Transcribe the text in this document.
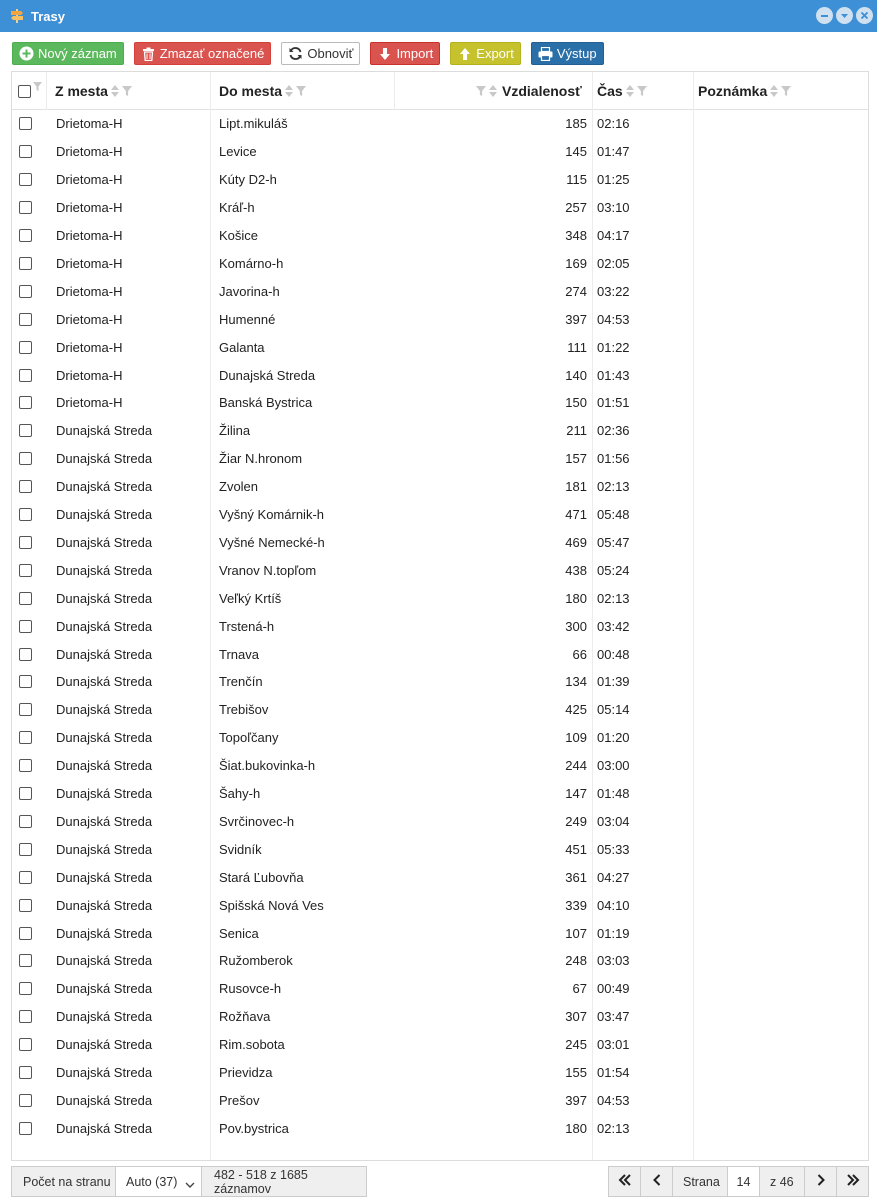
Trasy
Nový záznam	Zmazať označené	Obnoviť	Import	Export	Výstup
Z mesta	Do mesta	Vzdialenosť Čas	Poznámka
Drietoma-H	Lipt.mikuláš	185 02:16
Drietoma-H	Levice	145 01:47
Drietoma-H	Kúty D2-h	115 01:25
Drietoma-H	Kráľ-h	257 03:10
Drietoma-H	Košice	348 04:17
Drietoma-H	Komárno-h	169 02:05
Drietoma-H	Javorina-h	274 03:22
Drietoma-H	Humenné	397 04:53
Drietoma-H	Galanta	111 01:22
Drietoma-H	Dunajská Streda	140 01:43
Drietoma-H	Banská Bystrica	150 01:51
Dunajská Streda	Žilina	211 02:36
Dunajská Streda	Žiar N.hronom	157 01:56
Dunajská Streda	Zvolen	181 02:13
Dunajská Streda	Vyšný Komárnik-h	471 05:48
Dunajská Streda	Vyšné Nemecké-h	469 05:47
Dunajská Streda	Vranov N.topľom	438 05:24
Dunajská Streda	Veľký Krtíš	180 02:13
Dunajská Streda	Trstená-h	300 03:42
Dunajská Streda	Trnava	66 00:48
Dunajská Streda	Trenčín	134 01:39
Dunajská Streda	Trebišov	425 05:14
Dunajská Streda	Topoľčany	109 01:20
Dunajská Streda	Šiat.bukovinka-h	244 03:00
Dunajská Streda	Šahy-h	147 01:48
Dunajská Streda	Svrčinovec-h	249 03:04
Dunajská Streda	Svidník	451 05:33
Dunajská Streda	Stará Ľubovňa	361 04:27
Dunajská Streda	Spišská Nová Ves	339 04:10
Dunajská Streda	Senica	107 01:19
Dunajská Streda	Ružomberok	248 03:03
Dunajská Streda	Rusovce-h	67 00:49
Dunajská Streda	Rožňava	307 03:47
Dunajská Streda	Rim.sobota	245 03:01
Dunajská Streda	Prievidza	155 01:54
Dunajská Streda	Prešov	397 04:53
Dunajská Streda	Pov.bystrica	180 02:13
Počet na stranu	Auto (37)	482 - 518 z 1685 záznamov	Strana	14	z 46
